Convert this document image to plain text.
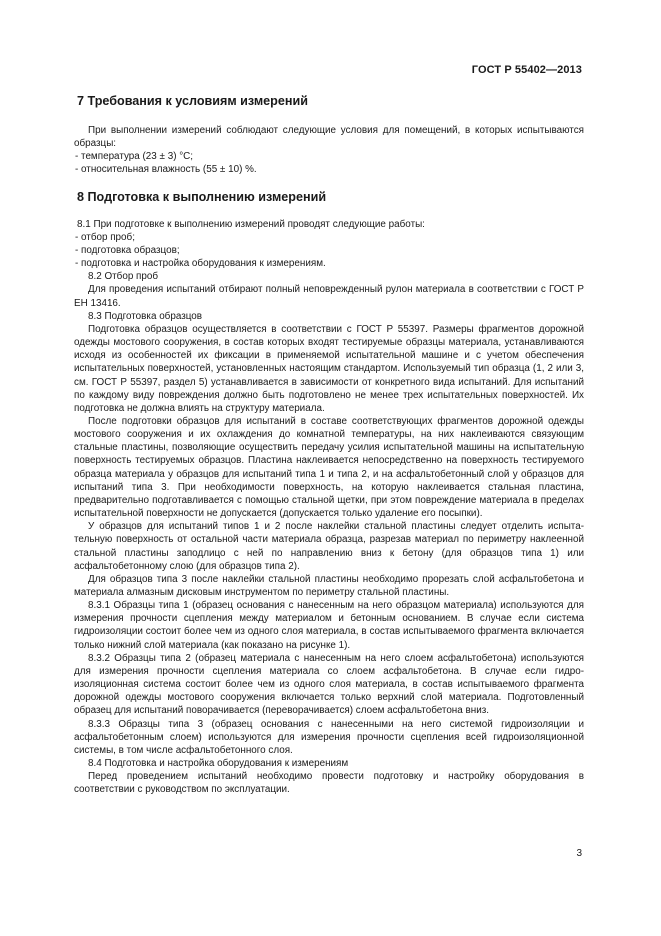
ГОСТ Р 55402—2013
7 Требования к условиям измерений

При выполнении измерений соблюдают следующие условия для помещений, в которых испытываются образцы:

- температура (23 ± 3) °С;

- относительная влажность (55 ± 10) %.

8 Подготовка к выполнению измерений

8.1 При подготовке к выполнению измерений проводят следующие работы:

- отбор проб;

- подготовка образцов;

- подготовка и настройка оборудования к измерениям.

8.2 Отбор проб

Для проведения испытаний отбирают полный неповрежденный рулон материала в соответствии с ГОСТ Р ЕН 13416.

8.3 Подготовка образцов

Подготовка образцов осуществляется в соответствии с ГОСТ Р 55397. Размеры фрагментов дорожной одежды мостового сооружения, в состав которых входят тестируемые образцы материала, устанавливаются исходя из особенностей их фиксации в применяемой испытательной машине и с учетом обеспечения испытательных поверхностей, установленных настоящим стандартом. Используемый тип образца (1, 2 или 3, см. ГОСТ Р 55397, раздел 5) устанавливается в зависимости от конкретного вида испытаний. Для испытаний по каждому виду повреждения должно быть подготовлено не менее трех испытательных поверхностей. Их подготовка не должна влиять на структуру материала.

После подготовки образцов для испытаний в составе соответствующих фрагментов дорожной одежды мостового сооружения и их охлаждения до комнатной температуры, на них наклеиваются связующим стальные пластины, позволяющие осуществить передачу усилия испытательной машины на испытательную поверхность тестируемых образцов. Пластина наклеивается непосредственно на поверхность тестируемого образца материала у образцов для испытаний типа 1 и типа 2, и на асфальтобетонный слой у образцов для испытаний типа 3. При необходимости поверхность, на которую наклеивается стальная пластина, предварительно подготавливается с помощью стальной щетки, при этом повреждение материала в пределах испытательной поверхности не допускается (допускается только удаление его посыпки).

У образцов для испытаний типов 1 и 2 после наклейки стальной пластины следует отделить испытательную поверхность от остальной части материала образца, разрезав материал по периметру наклеенной стальной пластины заподлицо с ней по направлению вниз к бетону (для образцов типа 1) или асфальтобетонному слою (для образцов типа 2).

Для образцов типа 3 после наклейки стальной пластины необходимо прорезать слой асфальтобетона и материала алмазным дисковым инструментом по периметру стальной пластины.

8.3.1 Образцы типа 1 (образец основания с нанесенным на него образцом материала) используются для измерения прочности сцепления между материалом и бетонным основанием. В случае если система гидроизоляции состоит более чем из одного слоя материала, в состав испытываемого фрагмента включается только нижний слой материала (как показано на рисунке 1).

8.3.2 Образцы типа 2 (образец материала с нанесенным на него слоем асфальтобетона) используются для измерения прочности сцепления материала со слоем асфальтобетона. В случае если гидроизоляционная система состоит более чем из одного слоя материала, в состав испытываемого фрагмента дорожной одежды мостового сооружения включается только верхний слой материала. Подготовленный образец для испытаний поворачивается (переворачивается) слоем асфальтобетона вниз.

8.3.3 Образцы типа 3 (образец основания с нанесенными на него системой гидроизоляции и асфальтобетонным слоем) используются для измерения прочности сцепления всей гидроизоляционной системы, в том числе асфальтобетонного слоя.

8.4 Подготовка и настройка оборудования к измерениям

Перед проведением испытаний необходимо провести подготовку и настройку оборудования в соответствии с руководством по эксплуатации.

3
